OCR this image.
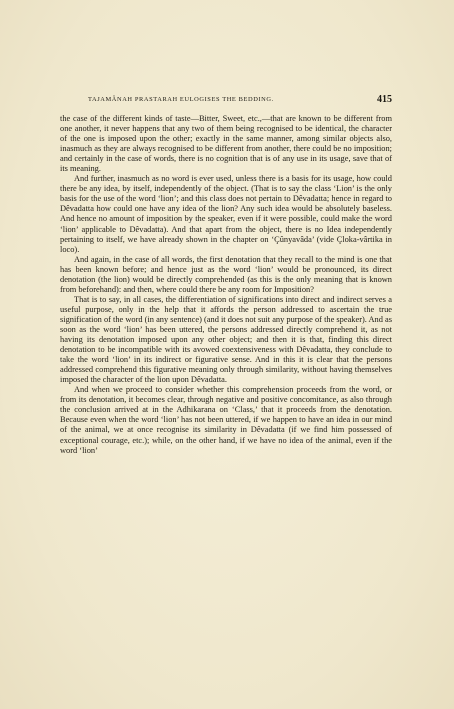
TAJAMÂNAH PRASTARAH EULOGISES THE BEDDING.	415

the case of the different kinds of taste—Bitter, Sweet, etc.,—that are known to be different from one another, it never happens that any two of them being recognised to be identical, the character of the one is imposed upon the other; exactly in the same manner, among similar objects also, inasmuch as they are always recognised to be different from another, there could be no imposition; and certainly in the case of words, there is no cognition that is of any use in its usage, save that of its meaning.

And further, inasmuch as no word is ever used, unless there is a basis for its usage, how could there be any idea, by itself, independently of the object. (That is to say the class ‘Lion’ is the only basis for the use of the word ‘lion’; and this class does not pertain to Dêvadatta; hence in regard to Dêvadatta how could one have any idea of the lion? Any such idea would be absolutely baseless. And hence no amount of imposition by the speaker, even if it were possible, could make the word ‘lion’ applicable to Dêvadatta). And that apart from the object, there is no Idea independently pertaining to itself, we have already shown in the chapter on ‘Çûnyavâda’ (vide Çloka-vârtika in loco).

And again, in the case of all words, the first denotation that they recall to the mind is one that has been known before; and hence just as the word ‘lion’ would be pronounced, its direct denotation (the lion) would be directly comprehended (as this is the only meaning that is known from beforehand): and then, where could there be any room for Imposition?

That is to say, in all cases, the differentiation of significations into direct and indirect serves a useful purpose, only in the help that it affords the person addressed to ascertain the true signification of the word (in any sentence) (and it does not suit any purpose of the speaker). And as soon as the word ‘lion’ has been uttered, the persons addressed directly comprehend it, as not having its denotation imposed upon any other object; and then it is that, finding this direct denotation to be incompatible with its avowed coextensiveness with Dêvadatta, they conclude to take the word ‘lion’ in its indirect or figurative sense. And in this it is clear that the persons addressed comprehend this figurative meaning only through similarity, without having themselves imposed the character of the lion upon Dêvadatta.

And when we proceed to consider whether this comprehension proceeds from the word, or from its denotation, it becomes clear, through negative and positive concomitance, as also through the conclusion arrived at in the Adhikarana on ‘Class,’ that it proceeds from the denotation. Because even when the word ‘lion’ has not been uttered, if we happen to have an idea in our mind of the animal, we at once recognise its similarity in Dêvadatta (if we find him possessed of exceptional courage, etc.); while, on the other hand, if we have no idea of the animal, even if the word ‘lion’
